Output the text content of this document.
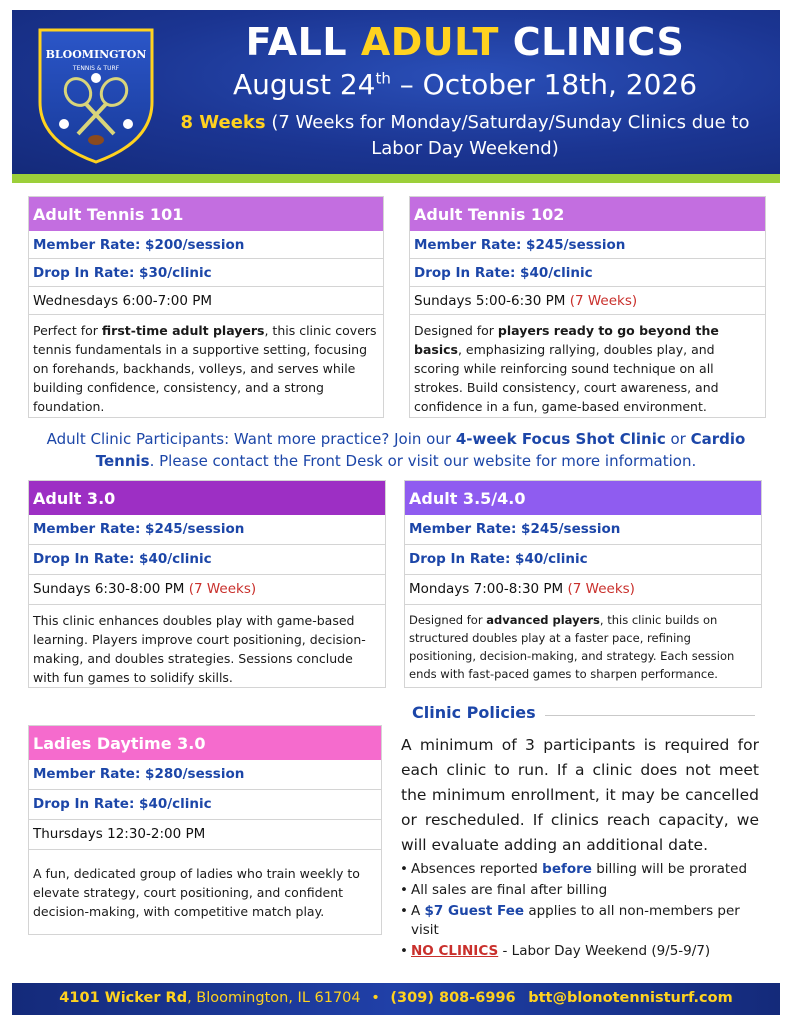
BLOOMINGTON
TENNIS & TURF
FALL ADULT CLINICS
August 24th – October 18th, 2026
8 Weeks (7 Weeks for Monday/Saturday/Sunday Clinics due to Labor Day Weekend)
Adult Tennis 101
Member Rate: $200/session
Drop In Rate: $30/clinic
Wednesdays 6:00-7:00 PM
Perfect for first-time adult players, this clinic covers tennis fundamentals in a supportive setting, focusing on forehands, backhands, volleys, and serves while building confidence, consistency, and a strong foundation.
Adult Tennis 102
Member Rate: $245/session
Drop In Rate: $40/clinic
Sundays 5:00-6:30 PM (7 Weeks)
Designed for players ready to go beyond the basics, emphasizing rallying, doubles play, and scoring while reinforcing sound technique on all strokes. Build consistency, court awareness, and confidence in a fun, game-based environment.
Adult Clinic Participants: Want more practice? Join our 4-week Focus Shot Clinic or Cardio Tennis. Please contact the Front Desk or visit our website for more information.
Adult 3.0
Member Rate: $245/session
Drop In Rate: $40/clinic
Sundays 6:30-8:00 PM (7 Weeks)
This clinic enhances doubles play with game-based learning. Players improve court positioning, decision-making, and doubles strategies. Sessions conclude with fun games to solidify skills.
Adult 3.5/4.0
Member Rate: $245/session
Drop In Rate: $40/clinic
Mondays 7:00-8:30 PM (7 Weeks)
Designed for advanced players, this clinic builds on structured doubles play at a faster pace, refining positioning, decision-making, and strategy. Each session ends with fast-paced games to sharpen performance.
Ladies Daytime 3.0
Member Rate: $280/session
Drop In Rate: $40/clinic
Thursdays 12:30-2:00 PM
A fun, dedicated group of ladies who train weekly to elevate strategy, court positioning, and confident decision-making, with competitive match play.
Clinic Policies
A minimum of 3 participants is required for each clinic to run. If a clinic does not meet the minimum enrollment, it may be cancelled or rescheduled. If clinics reach capacity, we will evaluate adding an additional date.
• Absences reported before billing will be prorated
• All sales are final after billing
• A $7 Guest Fee applies to all non-members per visit
• NO CLINICS - Labor Day Weekend (9/5-9/7)
4101 Wicker Rd, Bloomington, IL 61704 • (309) 808-6996 btt@blonotennisturf.com
